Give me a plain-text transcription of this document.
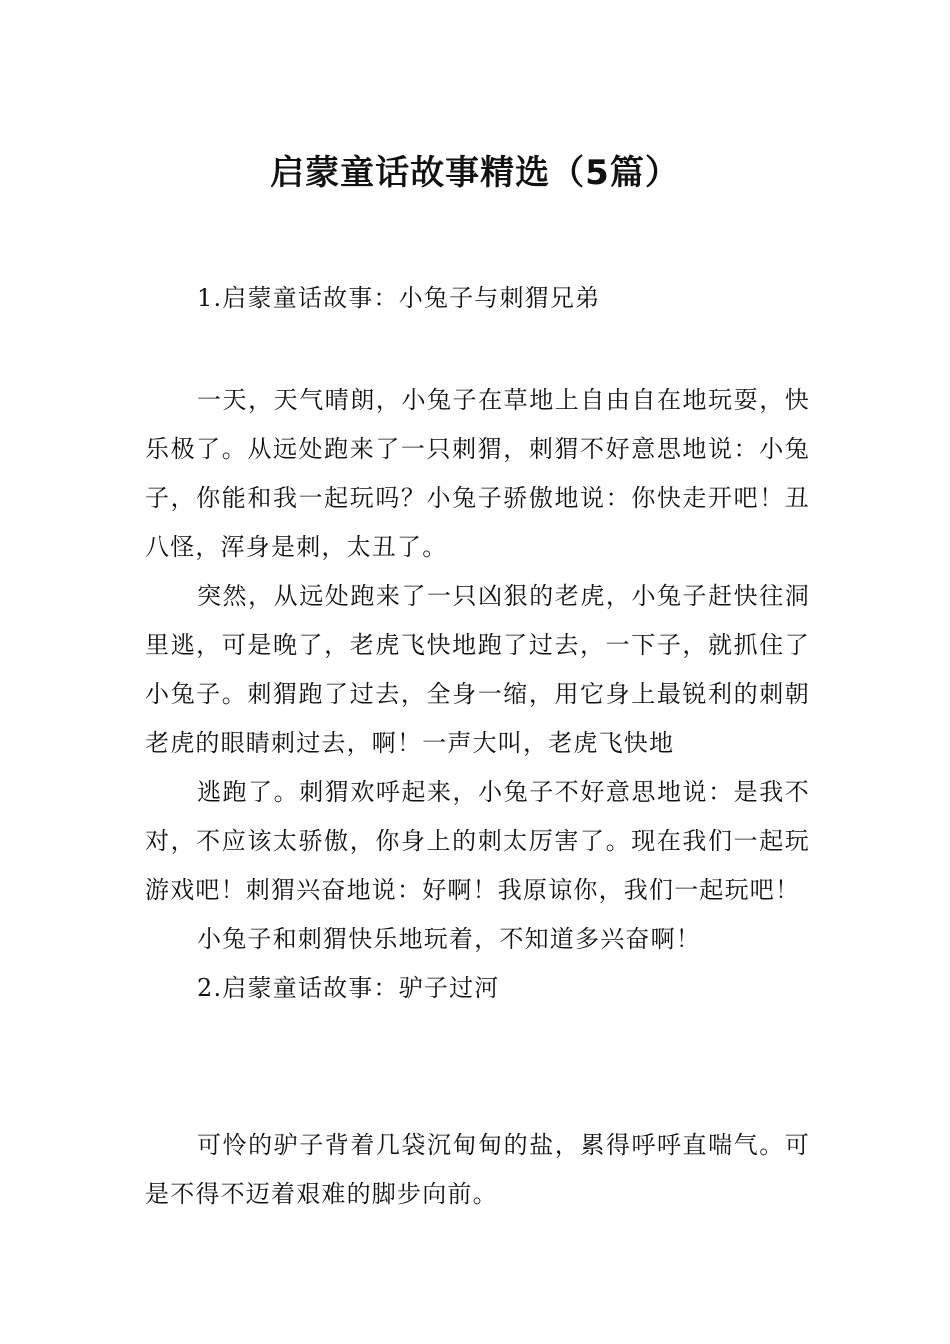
启蒙童话故事精选（5篇）

1.启蒙童话故事：小兔子与刺猬兄弟

一天，天气晴朗，小兔子在草地上自由自在地玩耍，快乐极了。从远处跑来了一只刺猬，刺猬不好意思地说：小兔子，你能和我一起玩吗？小兔子骄傲地说：你快走开吧！丑八怪，浑身是刺，太丑了。

突然，从远处跑来了一只凶狠的老虎，小兔子赶快往洞里逃，可是晚了，老虎飞快地跑了过去，一下子，就抓住了小兔子。刺猬跑了过去，全身一缩，用它身上最锐利的刺朝老虎的眼睛刺过去，啊！一声大叫，老虎飞快地

逃跑了。刺猬欢呼起来，小兔子不好意思地说：是我不对，不应该太骄傲，你身上的刺太厉害了。现在我们一起玩游戏吧！刺猬兴奋地说：好啊！我原谅你，我们一起玩吧！

小兔子和刺猬快乐地玩着，不知道多兴奋啊！

2.启蒙童话故事：驴子过河

可怜的驴子背着几袋沉甸甸的盐，累得呼呼直喘气。可是不得不迈着艰难的脚步向前。
